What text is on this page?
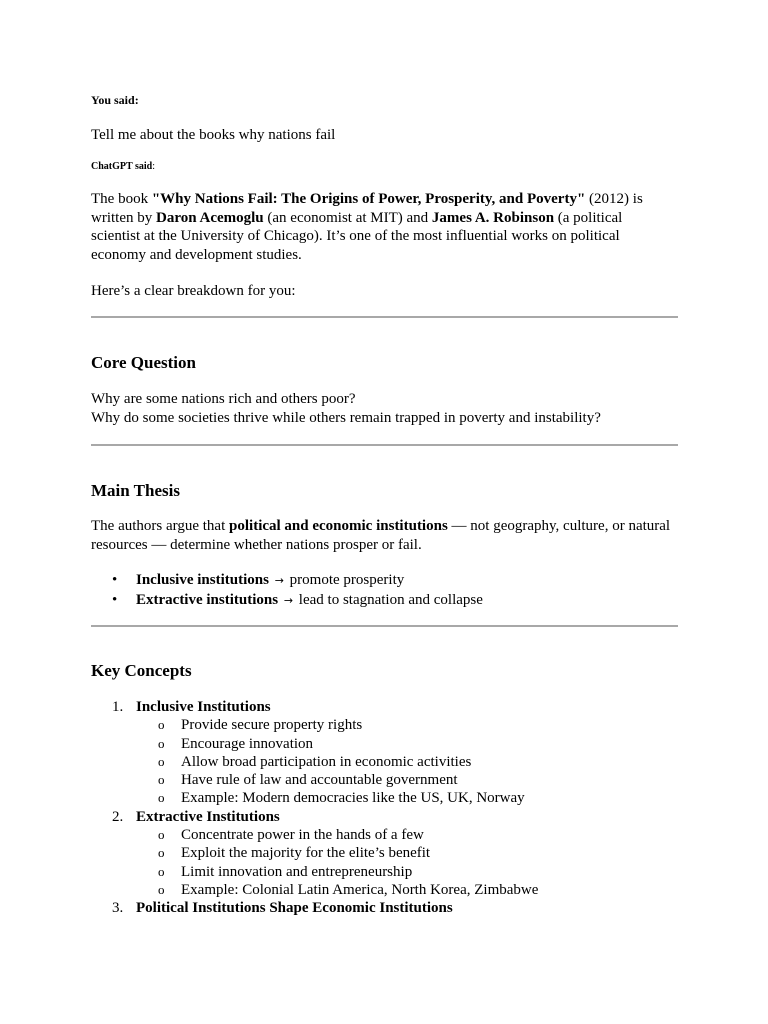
You said:
Tell me about the books why nations fail
ChatGPT said:
The book "Why Nations Fail: The Origins of Power, Prosperity, and Poverty" (2012) is
written by Daron Acemoglu (an economist at MIT) and James A. Robinson (a political
scientist at the University of Chicago). It’s one of the most influential works on political
economy and development studies.
Here’s a clear breakdown for you:
Core Question
Why are some nations rich and others poor?
Why do some societies thrive while others remain trapped in poverty and instability?
Main Thesis
The authors argue that political and economic institutions — not geography, culture, or natural
resources — determine whether nations prosper or fail.
• Inclusive institutions → promote prosperity
• Extractive institutions → lead to stagnation and collapse
Key Concepts
1. Inclusive Institutions
o Provide secure property rights
o Encourage innovation
o Allow broad participation in economic activities
o Have rule of law and accountable government
o Example: Modern democracies like the US, UK, Norway
2. Extractive Institutions
o Concentrate power in the hands of a few
o Exploit the majority for the elite’s benefit
o Limit innovation and entrepreneurship
o Example: Colonial Latin America, North Korea, Zimbabwe
3. Political Institutions Shape Economic Institutions
